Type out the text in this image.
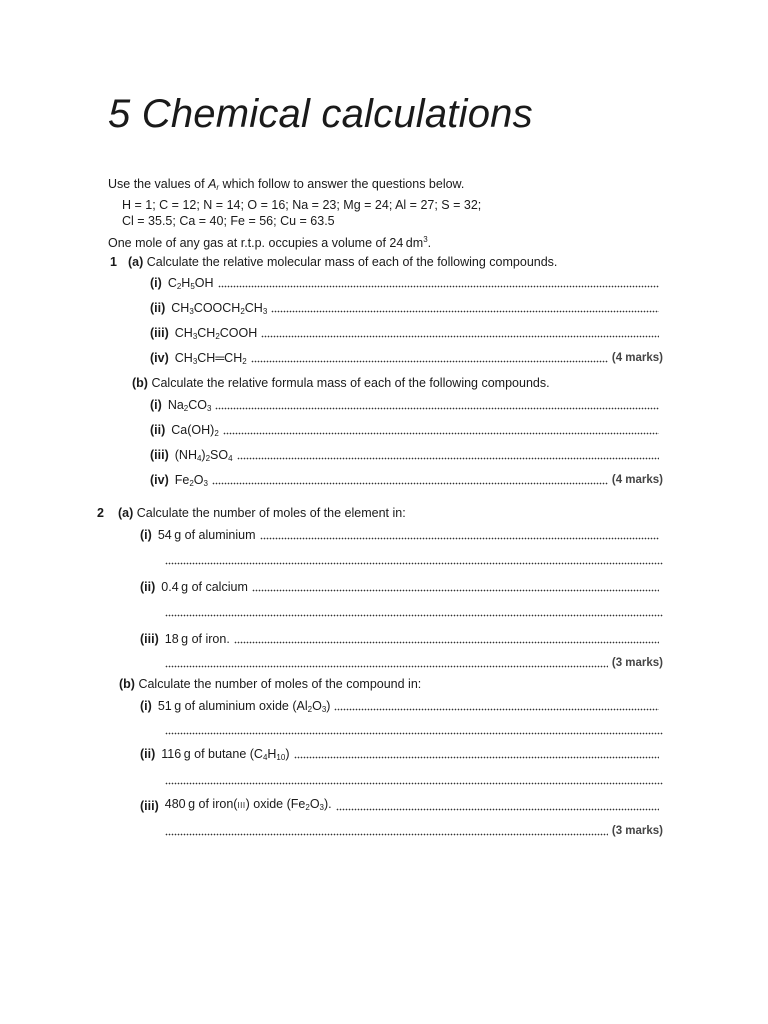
5 Chemical calculations
Use the values of $A_r$ which follow to answer the questions below.
H = 1; C = 12; N = 14; O = 16; Na = 23; Mg = 24; Al = 27; S = 32;
Cl = 35.5; Ca = 40; Fe = 56; Cu = 63.5
One mole of any gas at r.t.p. occupies a volume of 24 $dm^3$.
1 (a) Calculate the relative molecular mass of each of the following compounds.
(i) $C_2H_5OH$
(ii) $CH_3COOCH_2CH_3$
(iii) $CH_3CH_2COOH$
(iv) $CH_3CH═CH_2$	(4 marks)
(b) Calculate the relative formula mass of each of the following compounds.
(i) $Na_2CO_3$
(ii) $Ca(OH)_2$
(iii) $(NH_4)_2SO_4$
(iv) $Fe_2O_3$	(4 marks)
2 (a) Calculate the number of moles of the element in:
(i) 54 g of aluminium
(ii) 0.4 g of calcium
(iii) 18 g of iron.
(3 marks)
(b) Calculate the number of moles of the compound in:
(i) 51 g of aluminium oxide $(Al_2O_3)$
(ii) 116 g of butane $(C_4H_{10})$
(iii) 480 g of iron(III) oxide $(Fe_2O_3)$.
(3 marks)
